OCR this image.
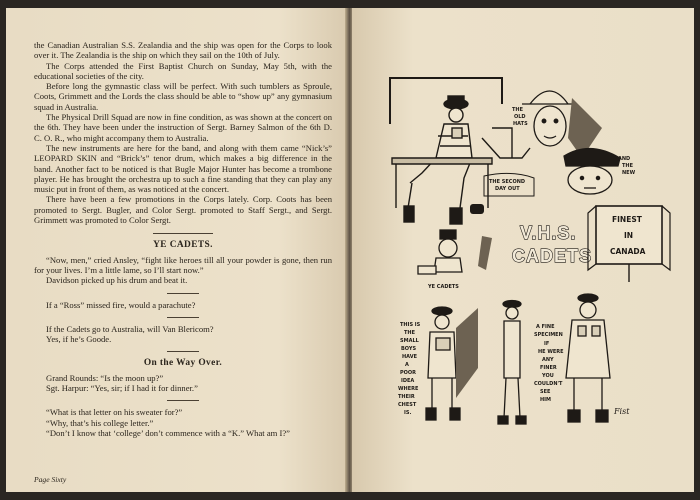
the Canadian Australian S.S. Zealandia and the ship was open for the Corps to look over it. The Zealandia is the ship on which they sail on the 10th of July.

The Corps attended the First Baptist Church on Sunday, May 5th, with the educational societies of the city.

Before long the gymnastic class will be perfect. With such tumblers as Sproule, Coots, Grimmett and the Lords the class should be able to “show up” any gymnasium squad in Australia.

The Physical Drill Squad are now in fine condition, as was shown at the concert on the 6th. They have been under the instruction of Sergt. Barney Salmon of the 6th D. C. O. R., who might accompany them to Australia.

The new instruments are here for the band, and along with them came “Nick’s” LEOPARD SKIN and “Brick’s” tenor drum, which makes a big difference in the band. Another fact to be noticed is that Bugle Major Hunter has become a trombone player. He has brought the orchestra up to such a fine standing that they can play any music put in front of them, as was noticed at the concert.

There have been a few promotions in the Corps lately. Corp. Coots has been promoted to Sergt. Bugler, and Color Sergt. promoted to Staff Sergt., and Sergt. Grimmett was promoted to Color Sergt.

YE CADETS.

“Now, men,” cried Ansley, “fight like heroes till all your powder is gone, then run for your lives. I’m a little lame, so I’ll start now.”

Davidson picked up his drum and beat it.

If a “Ross” missed fire, would a parachute?

If the Cadets go to Australia, will Van Blericom?

Yes, if he’s Goode.

On the Way Over.

Grand Rounds: “Is the moon up?”

Sgt. Harpur: “Yes, sir; if I had it for dinner.”

“What is that letter on his sweater for?”

“Why, that’s his college letter.”

“Don’t I know that ‘college’ don’t commence with a “K.” What am I?”

Page Sixty
THE SECOND
DAY OUT
THE
OLD
HATS
AND
THE
NEW
V.H.S.
CADETS
FINEST
IN
CANADA
YE CADETS
THIS IS
THE
SMALL
BOYS
HAVE
A
POOR
IDEA
WHERE
THEIR
CHEST
IS.
A FINE
SPECIMEN
IF
HE WERE
ANY
FINER
YOU
COULDN'T
SEE
HIM
Fist
